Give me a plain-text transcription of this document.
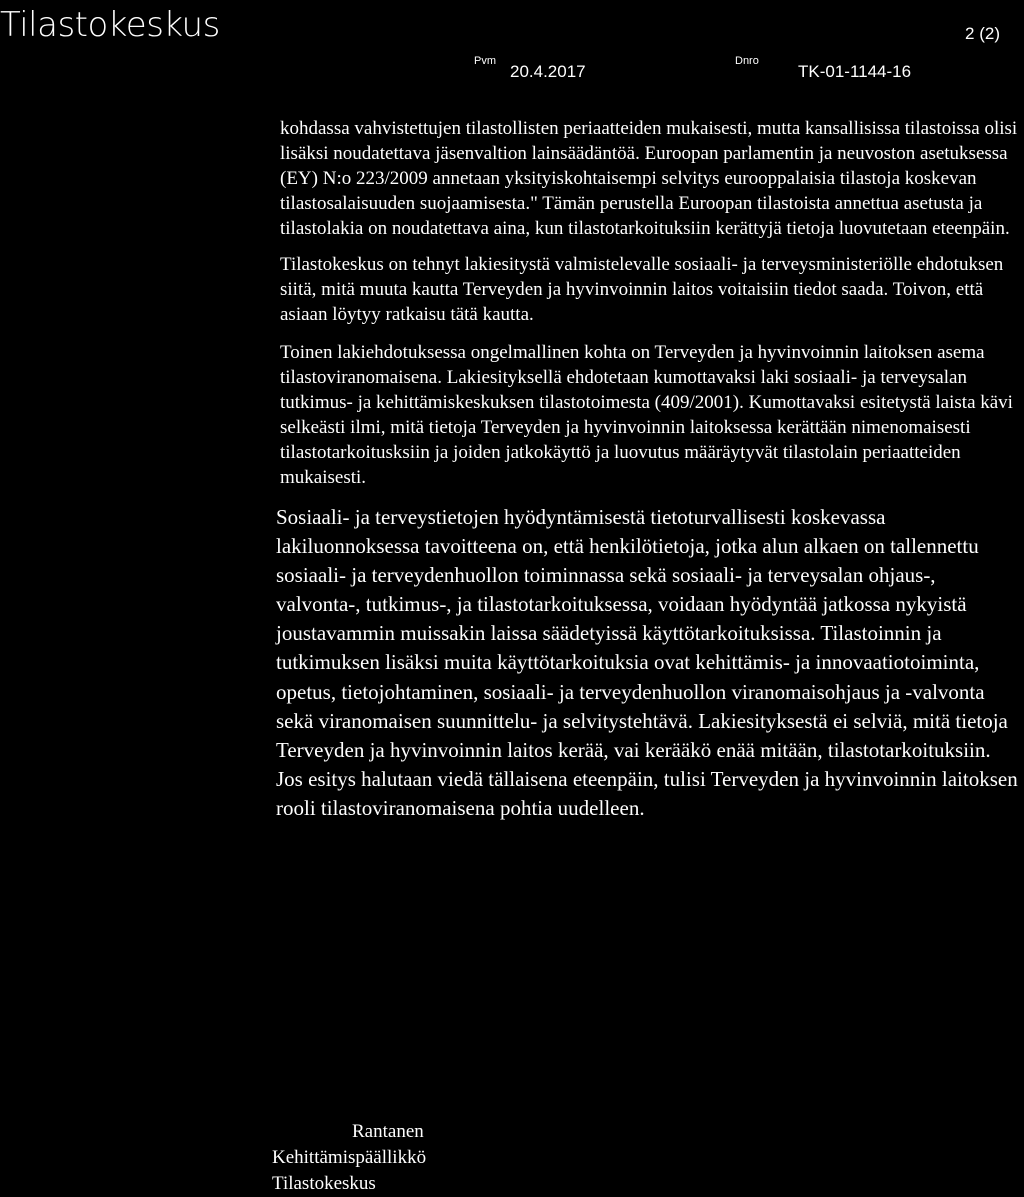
Tilastokeskus	2 (2)
Pvm
20.4.2017
Dnro
TK-01-1144-16

kohdassa vahvistettujen tilastollisten periaatteiden mukaisesti, mutta kansallisissa tilastoissa olisi lisäksi noudatettava jäsenvaltion lainsäädäntöä. Euroopan parlamentin ja neuvoston asetuksessa (EY) N:o 223/2009 annetaan yksityiskohtaisempi selvitys eurooppalaisia tilastoja koskevan tilastosalaisuuden suojaamisesta." Tämän perustella Euroopan tilastoista annettua asetusta ja tilastolakia on noudatettava aina, kun tilastotarkoituksiin kerättyjä tietoja luovutetaan eteenpäin.

Tilastokeskus on tehnyt lakiesitystä valmistelevalle sosiaali- ja terveysministeriölle ehdotuksen siitä, mitä muuta kautta Terveyden ja hyvinvoinnin laitos voitaisiin tiedot saada. Toivon, että asiaan löytyy ratkaisu tätä kautta.

Toinen lakiehdotuksessa ongelmallinen kohta on Terveyden ja hyvinvoinnin laitoksen asema tilastoviranomaisena. Lakiesityksellä ehdotetaan kumottavaksi laki sosiaali- ja terveysalan tutkimus- ja kehittämiskeskuksen tilastotoimesta (409/2001). Kumottavaksi esitetystä laista kävi selkeästi ilmi, mitä tietoja Terveyden ja hyvinvoinnin laitoksessa kerättään nimenomaisesti tilastotarkoitusksiin ja joiden jatkokäyttö ja luovutus määräytyvät tilastolain periaatteiden mukaisesti.

Sosiaali- ja terveystietojen hyödyntämisestä tietoturvallisesti koskevassa lakiluonnoksessa tavoitteena on, että henkilötietoja, jotka alun alkaen on tallennettu sosiaali- ja terveydenhuollon toiminnassa sekä sosiaali- ja terveysalan ohjaus-, valvonta-, tutkimus-, ja tilastotarkoituksessa, voidaan hyödyntää jatkossa nykyistä joustavammin muissakin laissa säädetyissä käyttötarkoituksissa. Tilastoinnin ja tutkimuksen lisäksi muita käyttötarkoituksia ovat kehittämis- ja innovaatiotoiminta, opetus, tietojohtaminen, sosiaali- ja terveydenhuollon viranomaisohjaus ja -valvonta sekä viranomaisen suunnittelu- ja selvitystehtävä. Lakiesityksestä ei selviä, mitä tietoja Terveyden ja hyvinvoinnin laitos kerää, vai kerääkö enää mitään, tilastotarkoituksiin. Jos esitys halutaan viedä tällaisena eteenpäin, tulisi Terveyden ja hyvinvoinnin laitoksen rooli tilastoviranomaisena pohtia uudelleen.

Rantanen
Kehittämispäällikkö
Tilastokeskus
